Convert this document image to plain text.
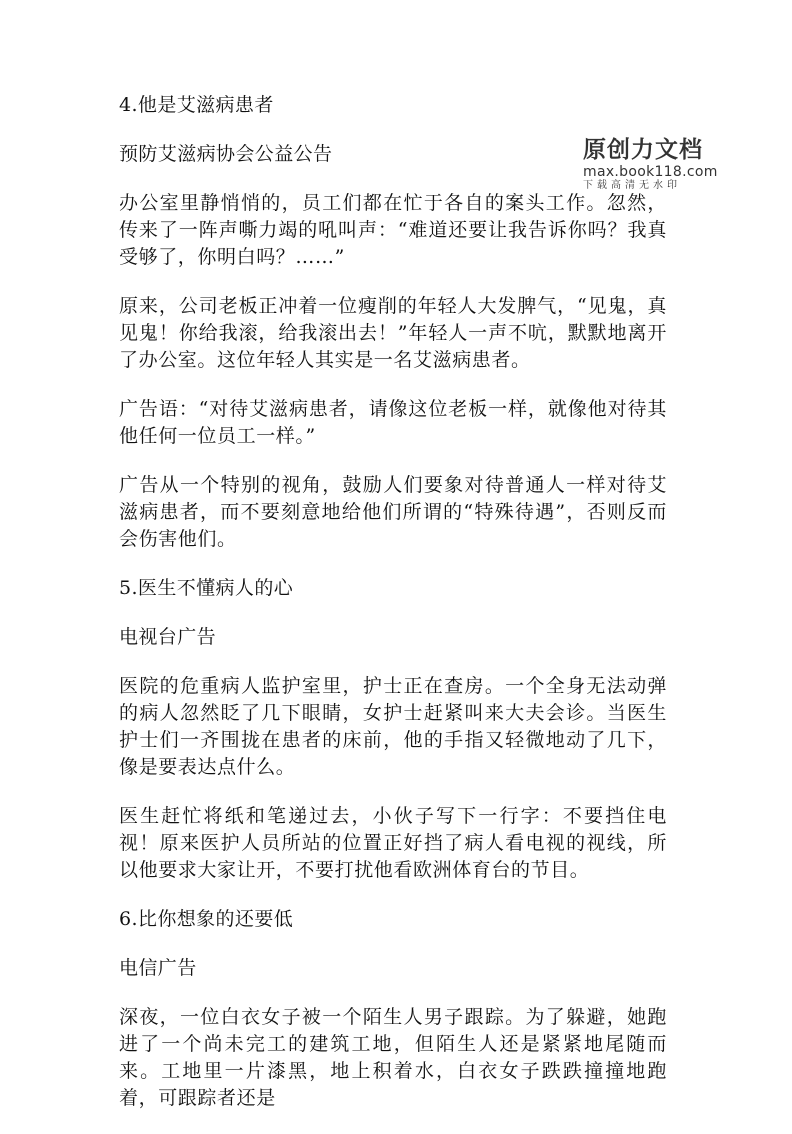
原创力文档
max.book118.com
下载高清无水印
4.他是艾滋病患者
预防艾滋病协会公益公告

办公室里静悄悄的，员工们都在忙于各自的案头工作。忽然，传来了一阵声嘶力竭的吼叫声：“难道还要让我告诉你吗？我真受够了，你明白吗？……”

原来，公司老板正冲着一位瘦削的年轻人大发脾气，“见鬼，真见鬼！你给我滚，给我滚出去！”年轻人一声不吭，默默地离开了办公室。这位年轻人其实是一名艾滋病患者。

广告语：“对待艾滋病患者，请像这位老板一样，就像他对待其他任何一位员工一样。”

广告从一个特别的视角，鼓励人们要象对待普通人一样对待艾滋病患者，而不要刻意地给他们所谓的“特殊待遇”，否则反而会伤害他们。

5.医生不懂病人的心
电视台广告

医院的危重病人监护室里，护士正在查房。一个全身无法动弹的病人忽然眨了几下眼睛，女护士赶紧叫来大夫会诊。当医生护士们一齐围拢在患者的床前，他的手指又轻微地动了几下，像是要表达点什么。

医生赶忙将纸和笔递过去，小伙子写下一行字：不要挡住电视！原来医护人员所站的位置正好挡了病人看电视的视线，所以他要求大家让开，不要打扰他看欧洲体育台的节目。

6.比你想象的还要低
电信广告

深夜，一位白衣女子被一个陌生人男子跟踪。为了躲避，她跑进了一个尚未完工的建筑工地，但陌生人还是紧紧地尾随而来。工地里一片漆黑，地上积着水，白衣女子跌跌撞撞地跑着，可跟踪者还是
